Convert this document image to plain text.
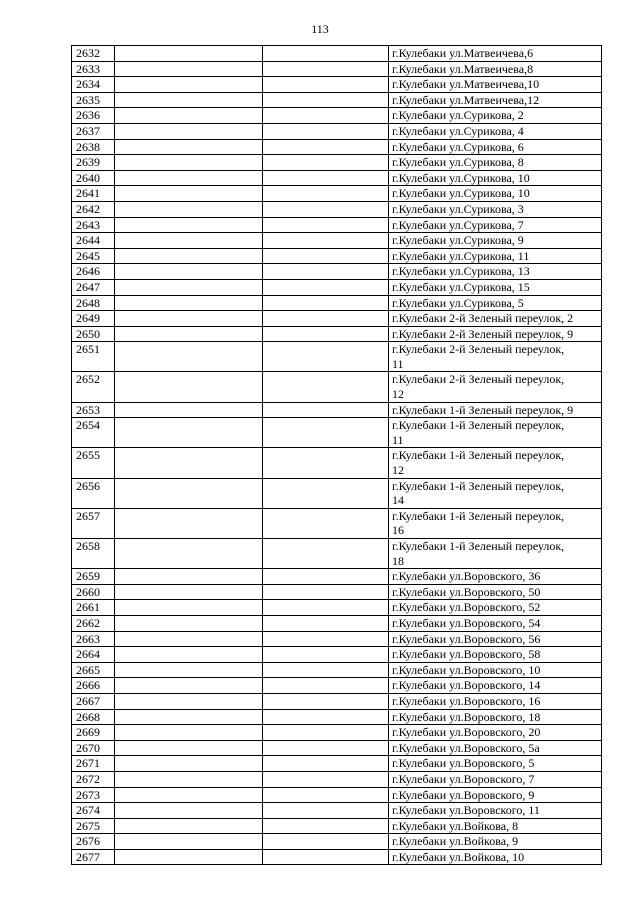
113
2632			г.Кулебаки ул.Матвеичева,6
2633			г.Кулебаки ул.Матвеичева,8
2634			г.Кулебаки ул.Матвеичева,10
2635			г.Кулебаки ул.Матвеичева,12
2636			г.Кулебаки ул.Сурикова, 2
2637			г.Кулебаки ул.Сурикова, 4
2638			г.Кулебаки ул.Сурикова, 6
2639			г.Кулебаки ул.Сурикова, 8
2640			г.Кулебаки ул.Сурикова, 10
2641			г.Кулебаки ул.Сурикова, 10
2642			г.Кулебаки ул.Сурикова, 3
2643			г.Кулебаки ул.Сурикова, 7
2644			г.Кулебаки ул.Сурикова, 9
2645			г.Кулебаки ул.Сурикова, 11
2646			г.Кулебаки ул.Сурикова, 13
2647			г.Кулебаки ул.Сурикова, 15
2648			г.Кулебаки ул.Сурикова, 5
2649			г.Кулебаки 2-й Зеленый переулок, 2
2650			г.Кулебаки 2-й Зеленый переулок, 9
2651			г.Кулебаки 2-й Зеленый переулок,
11

2652			г.Кулебаки 2-й Зеленый переулок,
12

2653			г.Кулебаки 1-й Зеленый переулок, 9
2654			г.Кулебаки 1-й Зеленый переулок,
11

2655			г.Кулебаки 1-й Зеленый переулок,
12

2656			г.Кулебаки 1-й Зеленый переулок,
14

2657			г.Кулебаки 1-й Зеленый переулок,
16

2658			г.Кулебаки 1-й Зеленый переулок,
18

2659			г.Кулебаки ул.Воровского, 36
2660			г.Кулебаки ул.Воровского, 50
2661			г.Кулебаки ул.Воровского, 52
2662			г.Кулебаки ул.Воровского, 54
2663			г.Кулебаки ул.Воровского, 56
2664			г.Кулебаки ул.Воровского, 58
2665			г.Кулебаки ул.Воровского, 10
2666			г.Кулебаки ул.Воровского, 14
2667			г.Кулебаки ул.Воровского, 16
2668			г.Кулебаки ул.Воровского, 18
2669			г.Кулебаки ул.Воровского, 20
2670			г.Кулебаки ул.Воровского, 5а
2671			г.Кулебаки ул.Воровского, 5
2672			г.Кулебаки ул.Воровского, 7
2673			г.Кулебаки ул.Воровского, 9
2674			г.Кулебаки ул.Воровского, 11
2675			г.Кулебаки ул.Войкова, 8
2676			г.Кулебаки ул.Войкова, 9
2677			г.Кулебаки ул.Войкова, 10
